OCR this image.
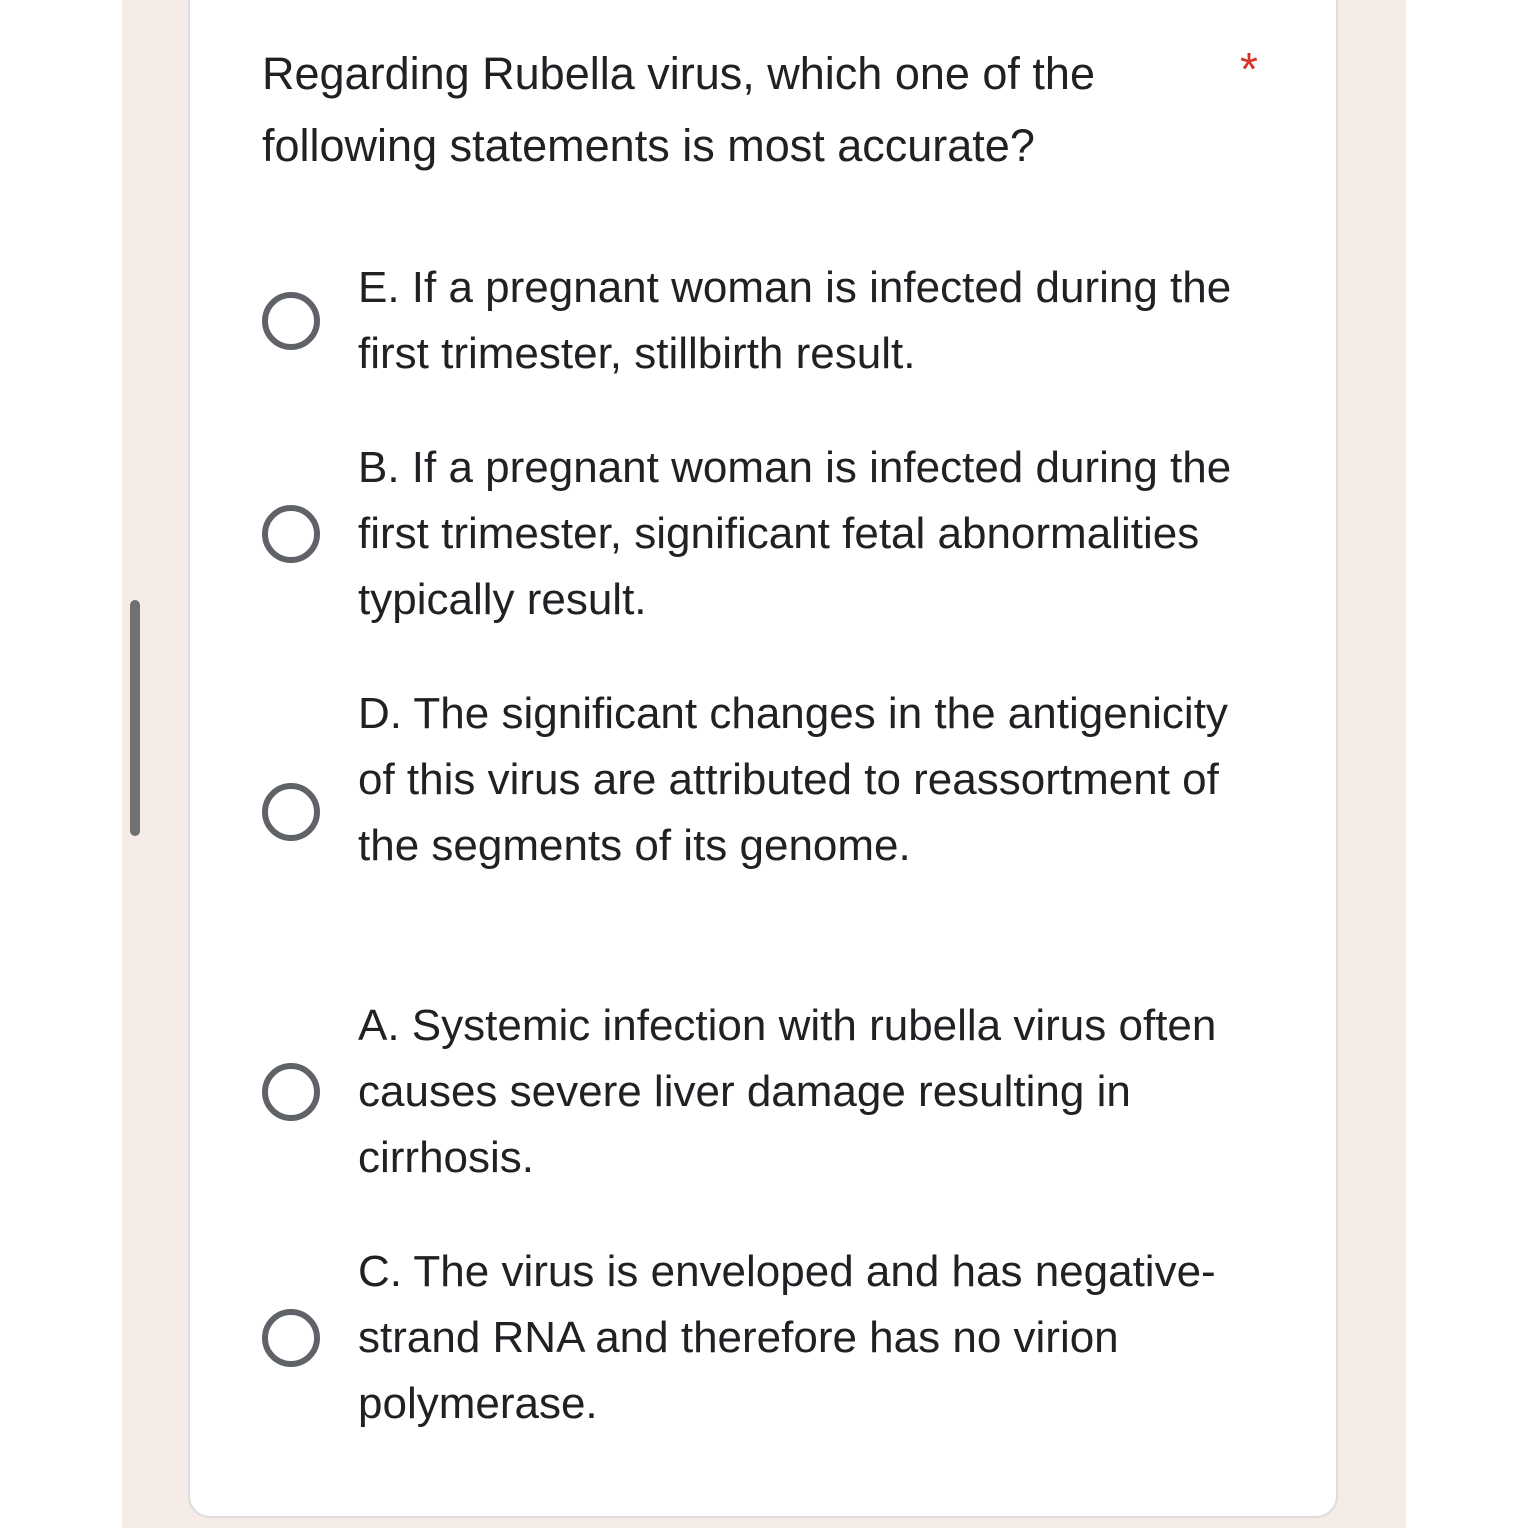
Regarding Rubella virus, which one of the following statements is most accurate?
*
E. If a pregnant woman is infected during the first trimester, stillbirth result.
B. If a pregnant woman is infected during the first trimester, significant fetal abnormalities typically result.
D. The significant changes in the antigenicity of this virus are attributed to reassortment of the segments of its genome.
A. Systemic infection with rubella virus often causes severe liver damage resulting in cirrhosis.
C. The virus is enveloped and has negative-strand RNA and therefore has no virion polymerase.
